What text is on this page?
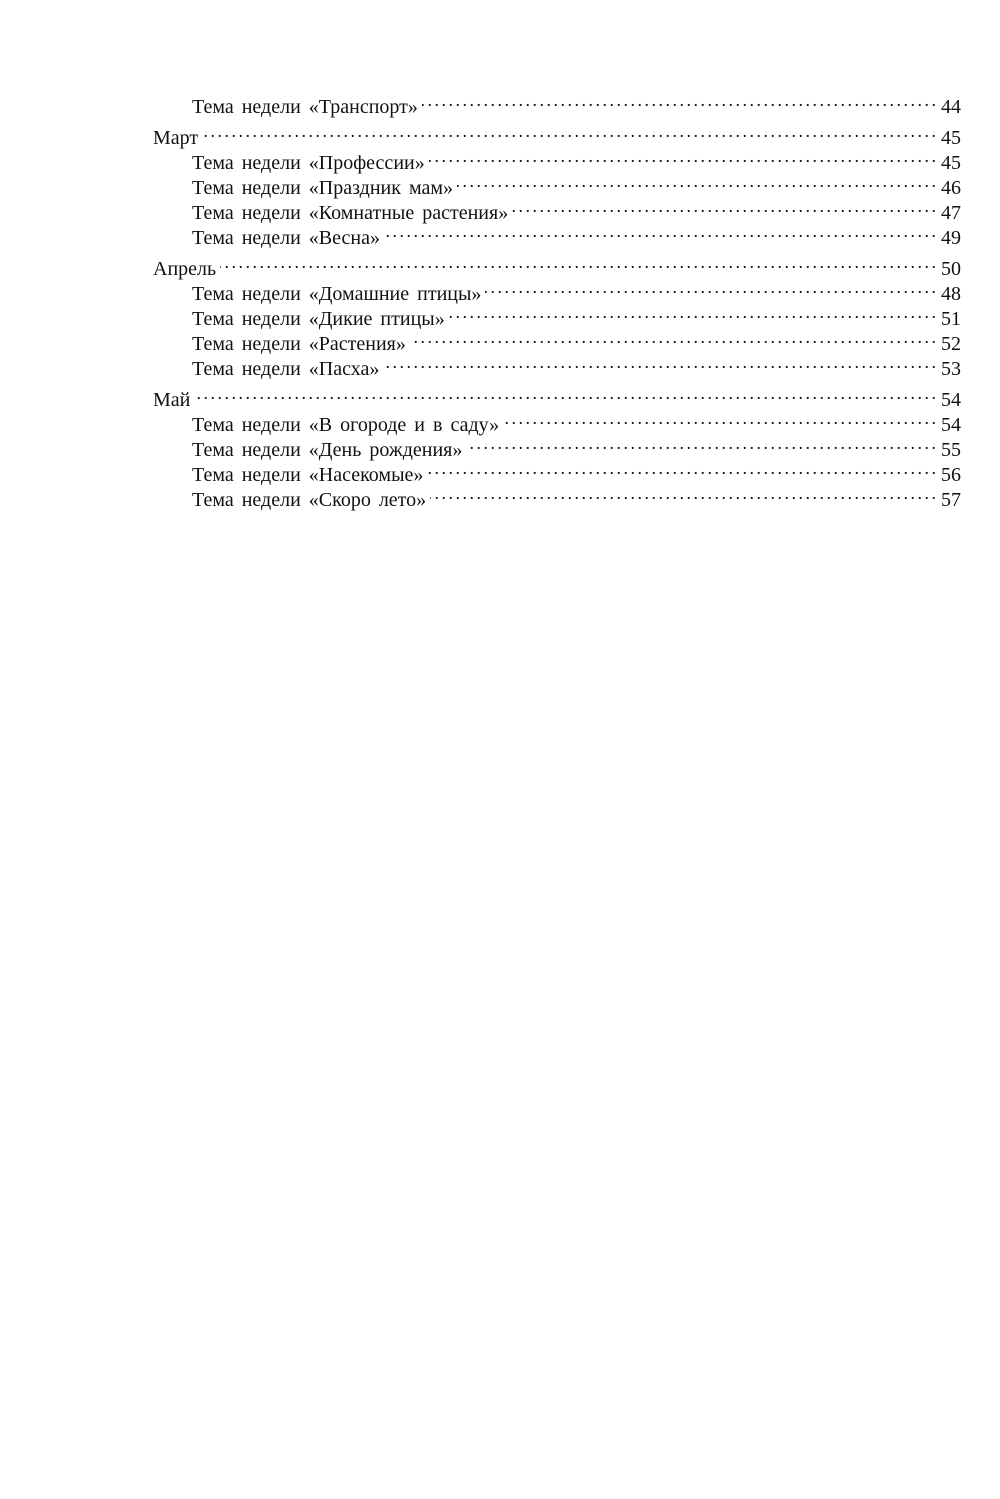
Тема недели «Транспорт» . . .	44
Март . . .	45
Тема недели «Профессии» . . .	45
Тема недели «Праздник мам» . . .	46
Тема недели «Комнатные растения» . . .	47
Тема недели «Весна» . . .	49
Апрель . . .	50
Тема недели «Домашние птицы» . . .	48
Тема недели «Дикие птицы» . . .	51
Тема недели «Растения» . . .	52
Тема недели «Пасха» . . .	53
Май . . .	54
Тема недели «В огороде и в саду» . . .	54
Тема недели «День рождения» . . .	55
Тема недели «Насекомые» . . .	56
Тема недели «Скоро лето» . . .	57
